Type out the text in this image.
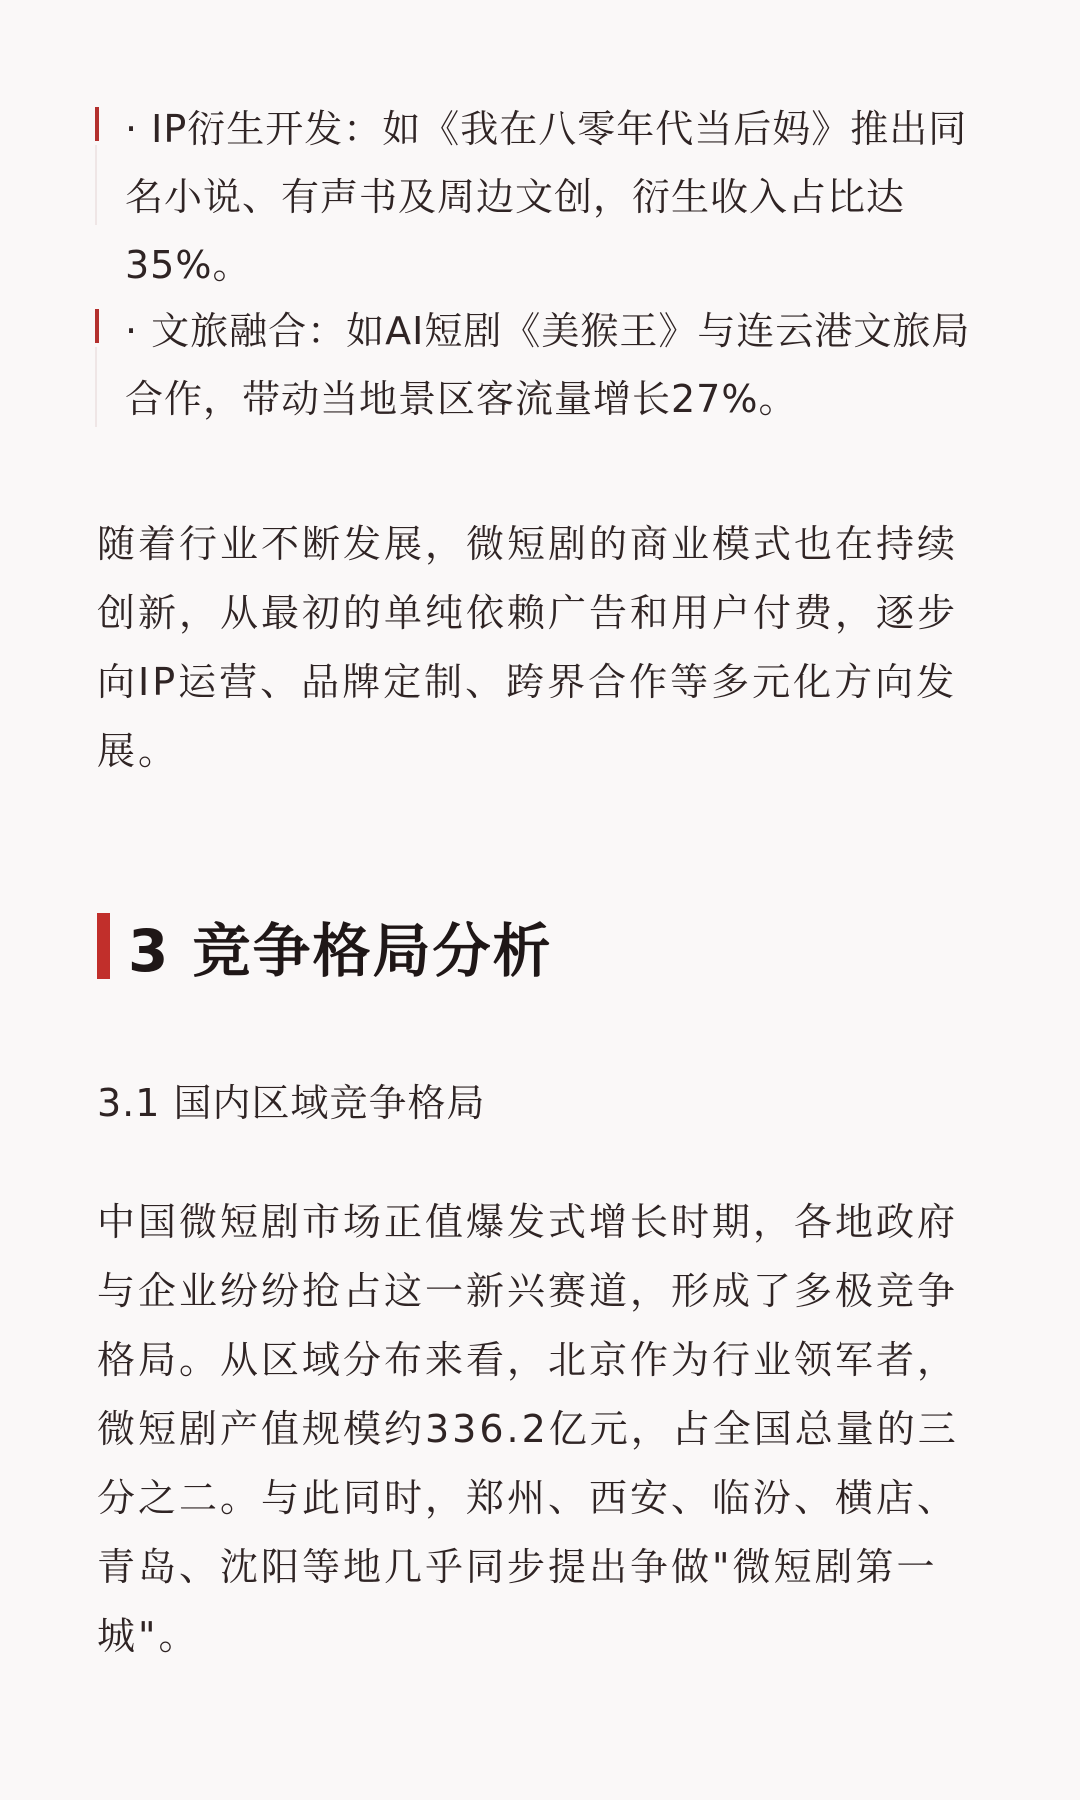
· IP衍生开发：如《我在八零年代当后妈》推出同名小说、有声书及周边文创，衍生收入占比达35%。
· 文旅融合：如AI短剧《美猴王》与连云港文旅局合作，带动当地景区客流量增长27%。
随着行业不断发展，微短剧的商业模式也在持续创新，从最初的单纯依赖广告和用户付费，逐步向IP运营、品牌定制、跨界合作等多元化方向发展。
3 竞争格局分析
3.1 国内区域竞争格局
中国微短剧市场正值爆发式增长时期，各地政府与企业纷纷抢占这一新兴赛道，形成了多极竞争格局。从区域分布来看，北京作为行业领军者，微短剧产值规模约336.2亿元，占全国总量的三分之二。与此同时，郑州、西安、临汾、横店、青岛、沈阳等地几乎同步提出争做"微短剧第一城"。
